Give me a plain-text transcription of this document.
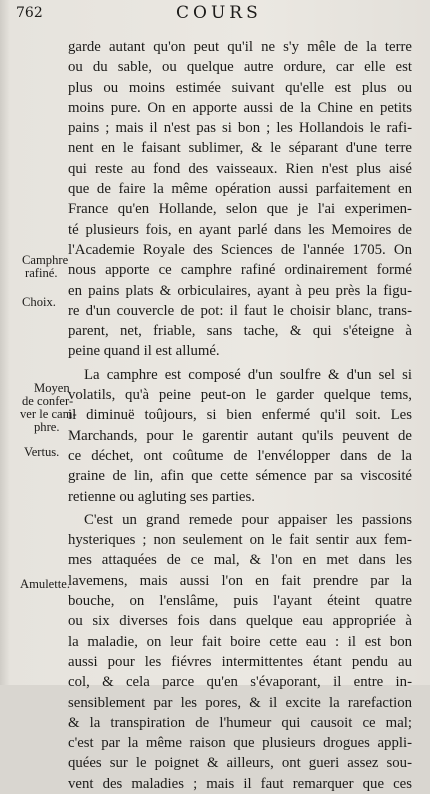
762	COURS
Camphre
rafiné.
Choix.
Moyen
de confer-
ver le cam-
phre.
Vertus.
Amulette.
garde autant qu'on peut qu'il ne s'y mêle de la terre
ou du sable, ou quelque autre ordure, car elle est
plus ou moins estimée suivant qu'elle est plus ou
moins pure. On en apporte aussi de la Chine en petits
pains ; mais il n'est pas si bon ; les Hollandois le rafi-
nent en le faisant sublimer, & le séparant d'une terre
qui reste au fond des vaisseaux. Rien n'est plus aisé
que de faire la même opération aussi parfaitement en
France qu'en Hollande, selon que je l'ai experimen-
té plusieurs fois, en ayant parlé dans les Memoires de
l'Academie Royale des Sciences de l'année 1705. On
nous apporte ce camphre rafiné ordinairement formé
en pains plats & orbiculaires, ayant à peu près la figu-
re d'un couvercle de pot: il faut le choisir blanc, trans-
parent, net, friable, sans tache, & qui s'éteigne à
peine quand il est allumé.
La camphre est composé d'un soulfre & d'un sel si
volatils, qu'à peine peut-on le garder quelque tems,
il diminuë toûjours, si bien enfermé qu'il soit. Les
Marchands, pour le garentir autant qu'ils peuvent de
ce déchet, ont coûtume de l'envélopper dans de la
graine de lin, afin que cette sémence par sa viscosité
retienne ou agluting ses parties.
C'est un grand remede pour appaiser les passions
hysteriques ; non seulement on le fait sentir aux fem-
mes attaquées de ce mal, & l'on en met dans les
lavemens, mais aussi l'on en fait prendre par la
bouche, on l'enslâme, puis l'ayant éteint quatre
ou six diverses fois dans quelque eau appropriée à
la maladie, on leur fait boire cette eau : il est bon
aussi pour les fiévres intermittentes étant pendu au
col, & cela parce qu'en s'évaporant, il entre in-
sensiblement par les pores, & il excite la rarefaction
& la transpiration de l'humeur qui causoit ce mal;
c'est par la même raison que plusieurs drogues appli-
quées sur le poignet & ailleurs, ont gueri assez sou-
vent des maladies ; mais il faut remarquer que ces
